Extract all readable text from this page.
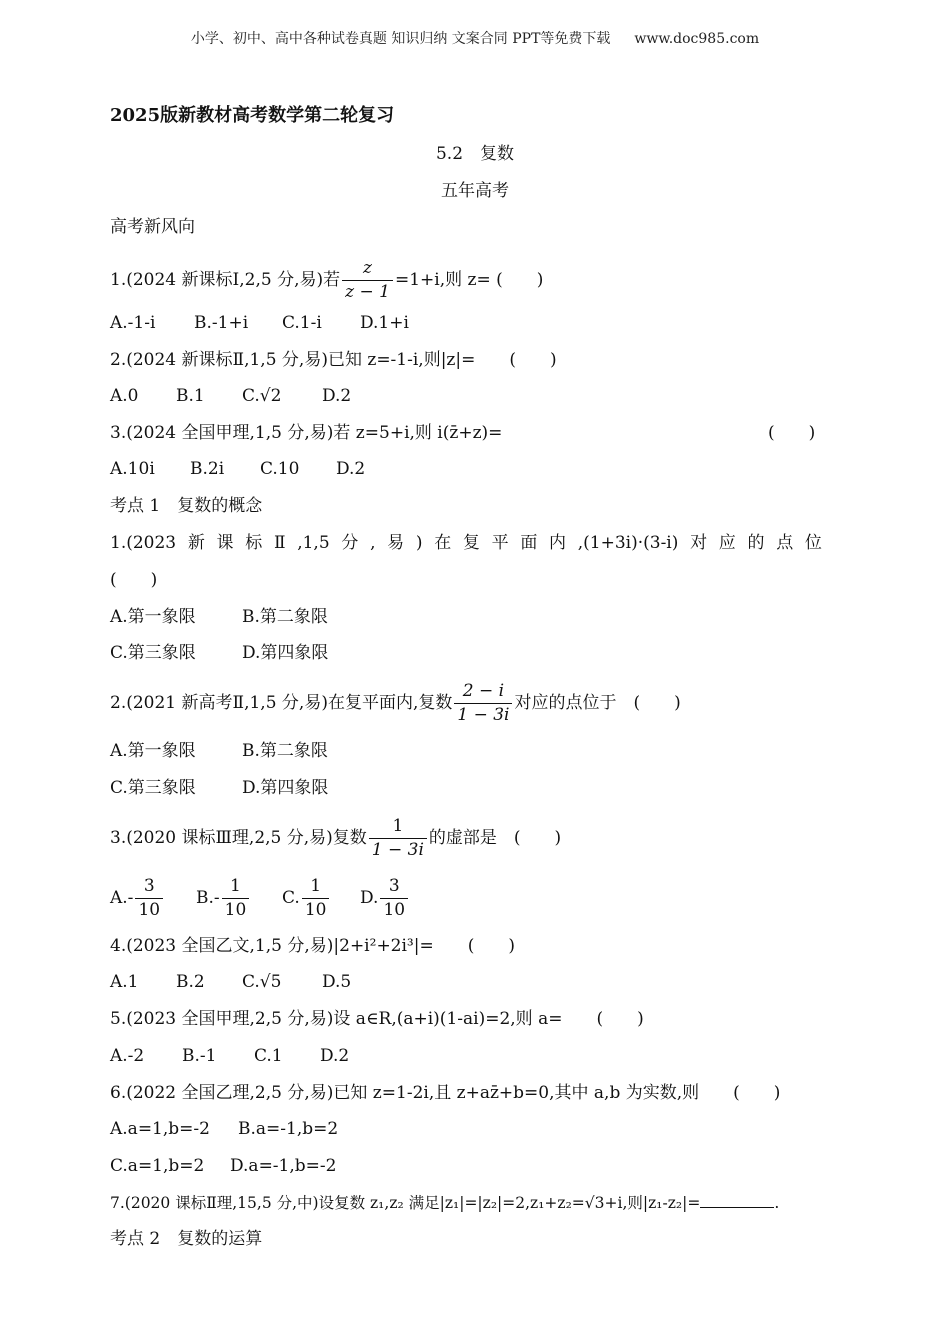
小学、初中、高中各种试卷真题 知识归纳 文案合同 PPT等免费下载 www.doc985.com
2025版新教材高考数学第二轮复习
5.2　复数
五年高考
高考新风向
1.(2024 新课标Ⅰ,2,5 分,易)若 $\frac{z}{z - 1} =1+i$,则 z= (　　)
A.-1-i B.-1+i C.1-i D.1+i
2.(2024 新课标Ⅱ,1,5 分,易)已知 z=-1-i,则|z|=　　(　　)
A.0 B.1 C.√2 D.2
3.(2024 全国甲理,1,5 分,易)若 z=5+i,则 i(z̄+z)=	(　　)
A.10i B.2i C.10 D.2
考点 1　复数的概念
1.(2023 新 课 标 Ⅱ ,1,5 分 , 易 ) 在 复 平 面 内 ,(1+3i)·(3-i) 对 应 的 点 位
(　　)
A.第一象限	B.第二象限
C.第三象限	D.第四象限
2.(2021 新高考Ⅱ,1,5 分,易)在复平面内,复数 $\frac{2 - i}{1 - 3i}$ 对应的点位于　(　　)
A.第一象限	B.第二象限
C.第三象限	D.第四象限
3.(2020 课标Ⅲ理,2,5 分,易)复数 $\frac{1}{1 - 3i}$ 的虚部是　(　　)
$A.- \frac{3}{10} B.- \frac{1}{10} C$. $\frac{1}{10} D$. $\frac{3}{10}$
4.(2023 全国乙文,1,5 分,易)|2+i²+2i³|=　　(　　)
A.1 B.2 C.√5 D.5
5.(2023 全国甲理,2,5 分,易)设 a∈R,(a+i)(1-ai)=2,则 a=　　(　　)
A.-2 B.-1 C.1 D.2
6.(2022 全国乙理,2,5 分,易)已知 z=1-2i,且 z+az̄+b=0,其中 a,b 为实数,则　　(　　)
A.a=1,b=-2 B.a=-1,b=2
C.a=1,b=2 D.a=-1,b=-2
7.(2020 课标Ⅱ理,15,5 分,中)设复数 z₁,z₂ 满足|z₁|=|z₂|=2,z₁+z₂=√3+i,则|z₁-z₂|=	.
考点 2　复数的运算
